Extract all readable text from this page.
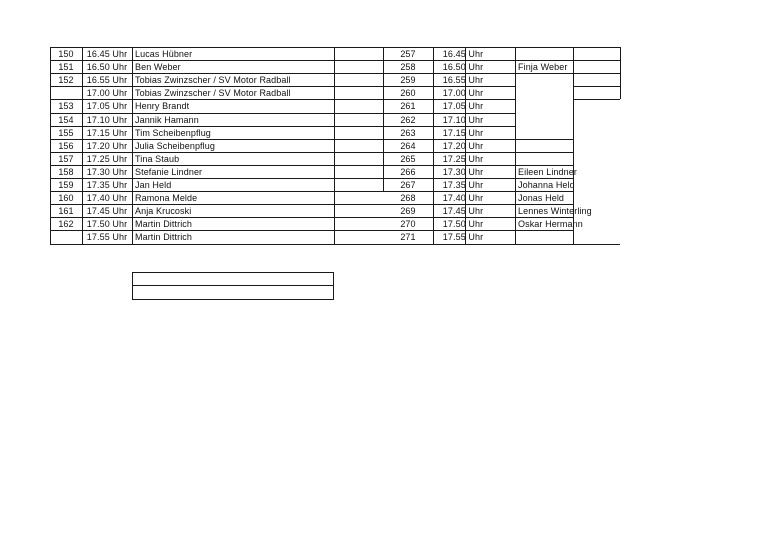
150	16.45 Uhr Lucas Hübner	257	16.45 Uhr
151	16.50 Uhr Ben Weber	258	16.50 Uhr	Finja Weber
152	16.55 Uhr Tobias Zwinzscher / SV Motor Radball	259	16.55 Uhr
17.00 Uhr Tobias Zwinzscher / SV Motor Radball	260	17.00 Uhr
153	17.05 Uhr Henry Brandt	261	17.05 Uhr
154	17.10 Uhr Jannik Hamann	262	17.10 Uhr
155	17.15 Uhr Tim Scheibenpflug	263	17.15 Uhr
156	17.20 Uhr Julia Scheibenpflug	264	17.20 Uhr
157	17.25 Uhr Tina Staub	265	17.25 Uhr
158	17.30 Uhr Stefanie Lindner	266	17.30 Uhr	Eileen Lindner
159	17.35 Uhr Jan Held	267	17.35 Uhr	Johanna Held
160	17.40 Uhr Ramona Melde	268	17.40 Uhr	Jonas Held
161	17.45 Uhr Anja Krucoski	269	17.45 Uhr	Lennes Winterling
162	17.50 Uhr Martin Dittrich	270	17.50 Uhr	Oskar Hermann
17.55 Uhr Martin Dittrich	271	17.55 Uhr
